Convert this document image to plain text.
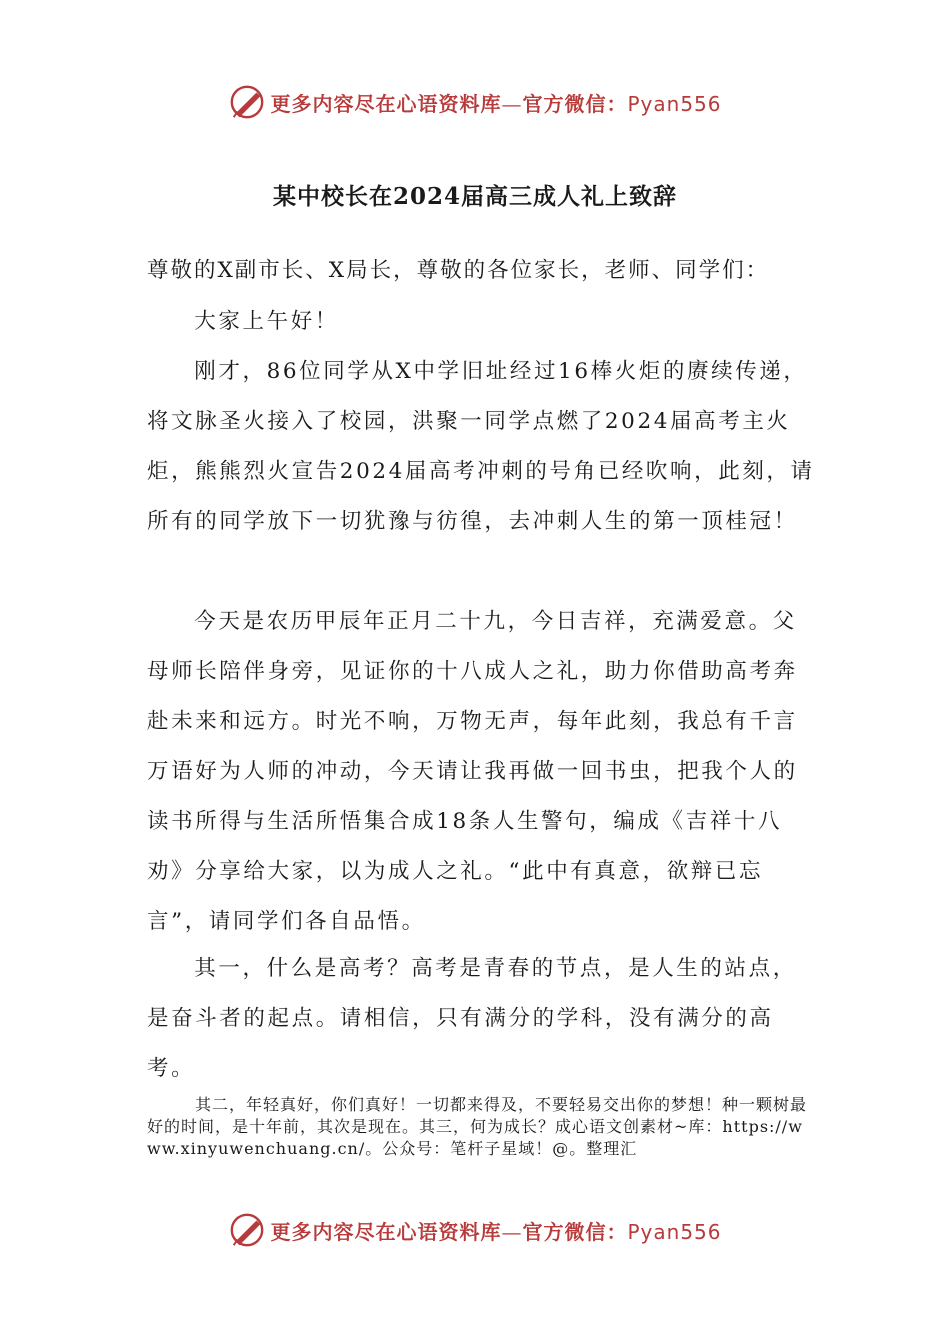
更多内容尽在心语资料库—官方微信：Pyan556
某中校长在2024届高三成人礼上致辞
尊敬的X副市长、X局长，尊敬的各位家长，老师、同学们：

大家上午好！

刚才，86位同学从X中学旧址经过16棒火炬的赓续传递，将文脉圣火接入了校园，洪聚一同学点燃了2024届高考主火炬，熊熊烈火宣告2024届高考冲刺的号角已经吹响，此刻，请所有的同学放下一切犹豫与彷徨，去冲刺人生的第一顶桂冠！

今天是农历甲辰年正月二十九，今日吉祥，充满爱意。父母师长陪伴身旁，见证你的十八成人之礼，助力你借助高考奔赴未来和远方。时光不响，万物无声，每年此刻，我总有千言万语好为人师的冲动，今天请让我再做一回书虫，把我个人的读书所得与生活所悟集合成18条人生警句，编成《吉祥十八劝》分享给大家，以为成人之礼。“此中有真意，欲辩已忘言”，请同学们各自品悟。

其一，什么是高考？高考是青春的节点，是人生的站点，是奋斗者的起点。请相信，只有满分的学科，没有满分的高考。

其二，年轻真好，你们真好！一切都来得及，不要轻易交出你的梦想！种一颗树最好的时间，是十年前，其次是现在。其三，何为成长？成心语文创素材~库：https://www.xinyuwenchuang.cn/。公众号：笔杆子星域！@。整理汇

更多内容尽在心语资料库—官方微信：Pyan556
